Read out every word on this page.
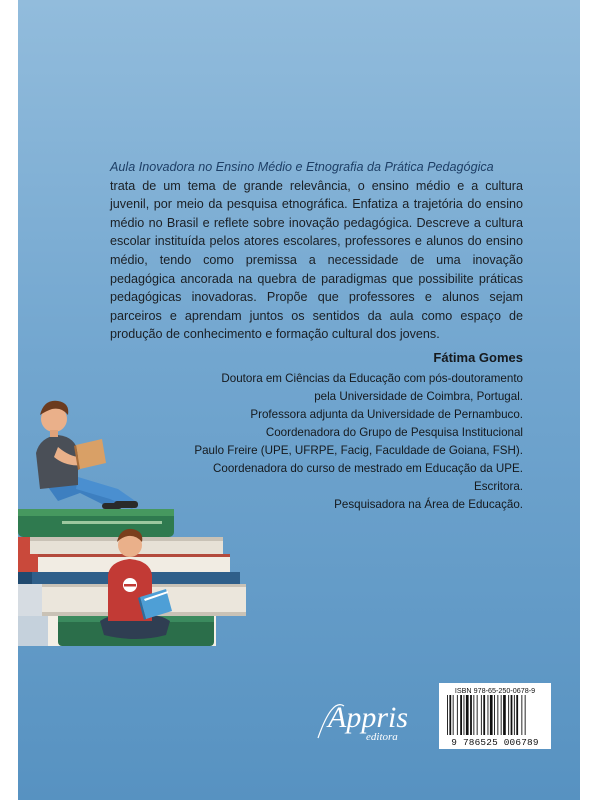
Aula Inovadora no Ensino Médio e Etnografia da Prática Pedagógica
trata de um tema de grande relevância, o ensino médio e a cultura juvenil, por meio da pesquisa etnográfica. Enfatiza a trajetória do ensino médio no Brasil e reflete sobre inovação pedagógica. Descreve a cultura escolar instituída pelos atores escolares, professores e alunos do ensino médio, tendo como premissa a necessidade de uma inovação pedagógica ancorada na quebra de paradigmas que possibilite práticas pedagógicas inovadoras. Propõe que professores e alunos sejam parceiros e aprendam juntos os sentidos da aula como espaço de produção de conhecimento e formação cultural dos jovens.
Fátima Gomes
Doutora em Ciências da Educação com pós-doutoramento
pela Universidade de Coimbra, Portugal.
Professora adjunta da Universidade de Pernambuco.
Coordenadora do Grupo de Pesquisa Institucional
Paulo Freire (UPE, UFRPE, Facig, Faculdade de Goiana, FSH).
Coordenadora do curso de mestrado em Educação da UPE.
Escritora.
Pesquisadora na Área de Educação.
Appris
editora
ISBN 978-65-250-0678-9
9 786525 006789
